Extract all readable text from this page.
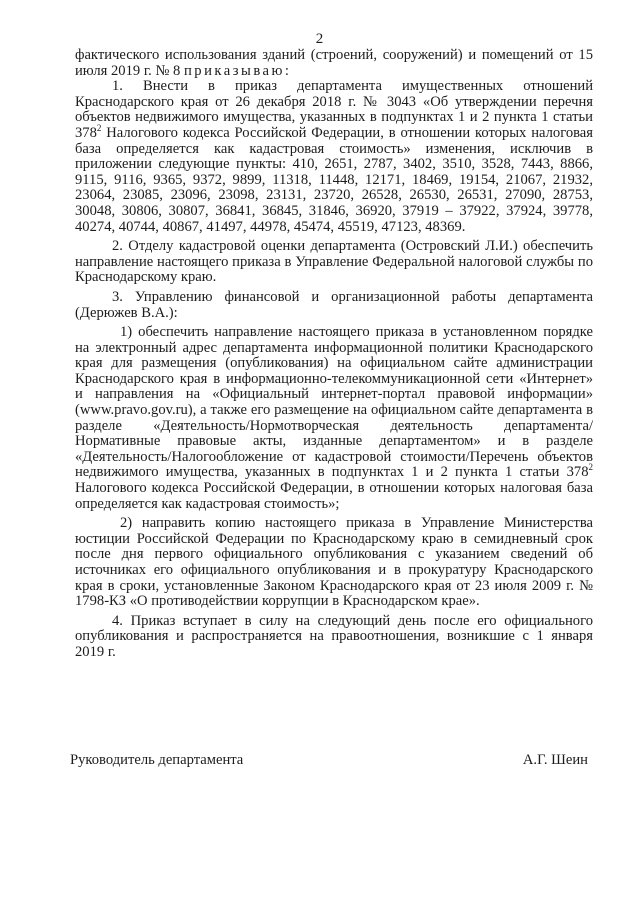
2

фактического использования зданий (строений, сооружений) и помещений от 15 июля 2019 г. № 8 приказываю:

1. Внести в приказ департамента имущественных отношений Краснодарского края от 26 декабря 2018 г. № 3043 «Об утверждении перечня объектов недвижимого имущества, указанных в подпунктах 1 и 2 пункта 1 статьи $378^2$ Налогового кодекса Российской Федерации, в отношении которых налоговая база определяется как кадастровая стоимость» изменения, исключив в приложении следующие пункты: 410, 2651, 2787, 3402, 3510, 3528, 7443, 8866, 9115, 9116, 9365, 9372, 9899, 11318, 11448, 12171, 18469, 19154, 21067, 21932, 23064, 23085, 23096, 23098, 23131, 23720, 26528, 26530, 26531, 27090, 28753, 30048, 30806, 30807, 36841, 36845, 31846, 36920, 37919 – 37922, 37924, 39778, 40274, 40744, 40867, 41497, 44978, 45474, 45519, 47123, 48369.

2. Отделу кадастровой оценки департамента (Островский Л.И.) обеспечить направление настоящего приказа в Управление Федеральной налоговой службы по Краснодарскому краю.

3. Управлению финансовой и организационной работы департамента (Дерюжев В.А.):

1) обеспечить направление настоящего приказа в установленном порядке на электронный адрес департамента информационной политики Краснодарского края для размещения (опубликования) на официальном сайте администрации Краснодарского края в информационно-телекоммуникационной сети «Интернет» и направления на «Официальный интернет-портал правовой информации» (www.pravo.gov.ru), а также его размещение на официальном сайте департамента в разделе «Деятельность/Нормотворческая деятельность департамента/Нормативные правовые акты, изданные департаментом» и в разделе «Деятельность/Налогообложение от кадастровой стоимости/Перечень объектов недвижимого имущества, указанных в подпунктах 1 и 2 пункта 1 статьи $378^2$ Налогового кодекса Российской Федерации, в отношении которых налоговая база определяется как кадастровая стоимость»;

2) направить копию настоящего приказа в Управление Министерства юстиции Российской Федерации по Краснодарскому краю в семидневный срок после дня первого официального опубликования с указанием сведений об источниках его официального опубликования и в прокуратуру Краснодарского края в сроки, установленные Законом Краснодарского края от 23 июля 2009 г. № 1798-КЗ «О противодействии коррупции в Краснодарском крае».

4. Приказ вступает в силу на следующий день после его официального опубликования и распространяется на правоотношения, возникшие с 1 января 2019 г.

Руководитель департамента	А.Г. Шеин
